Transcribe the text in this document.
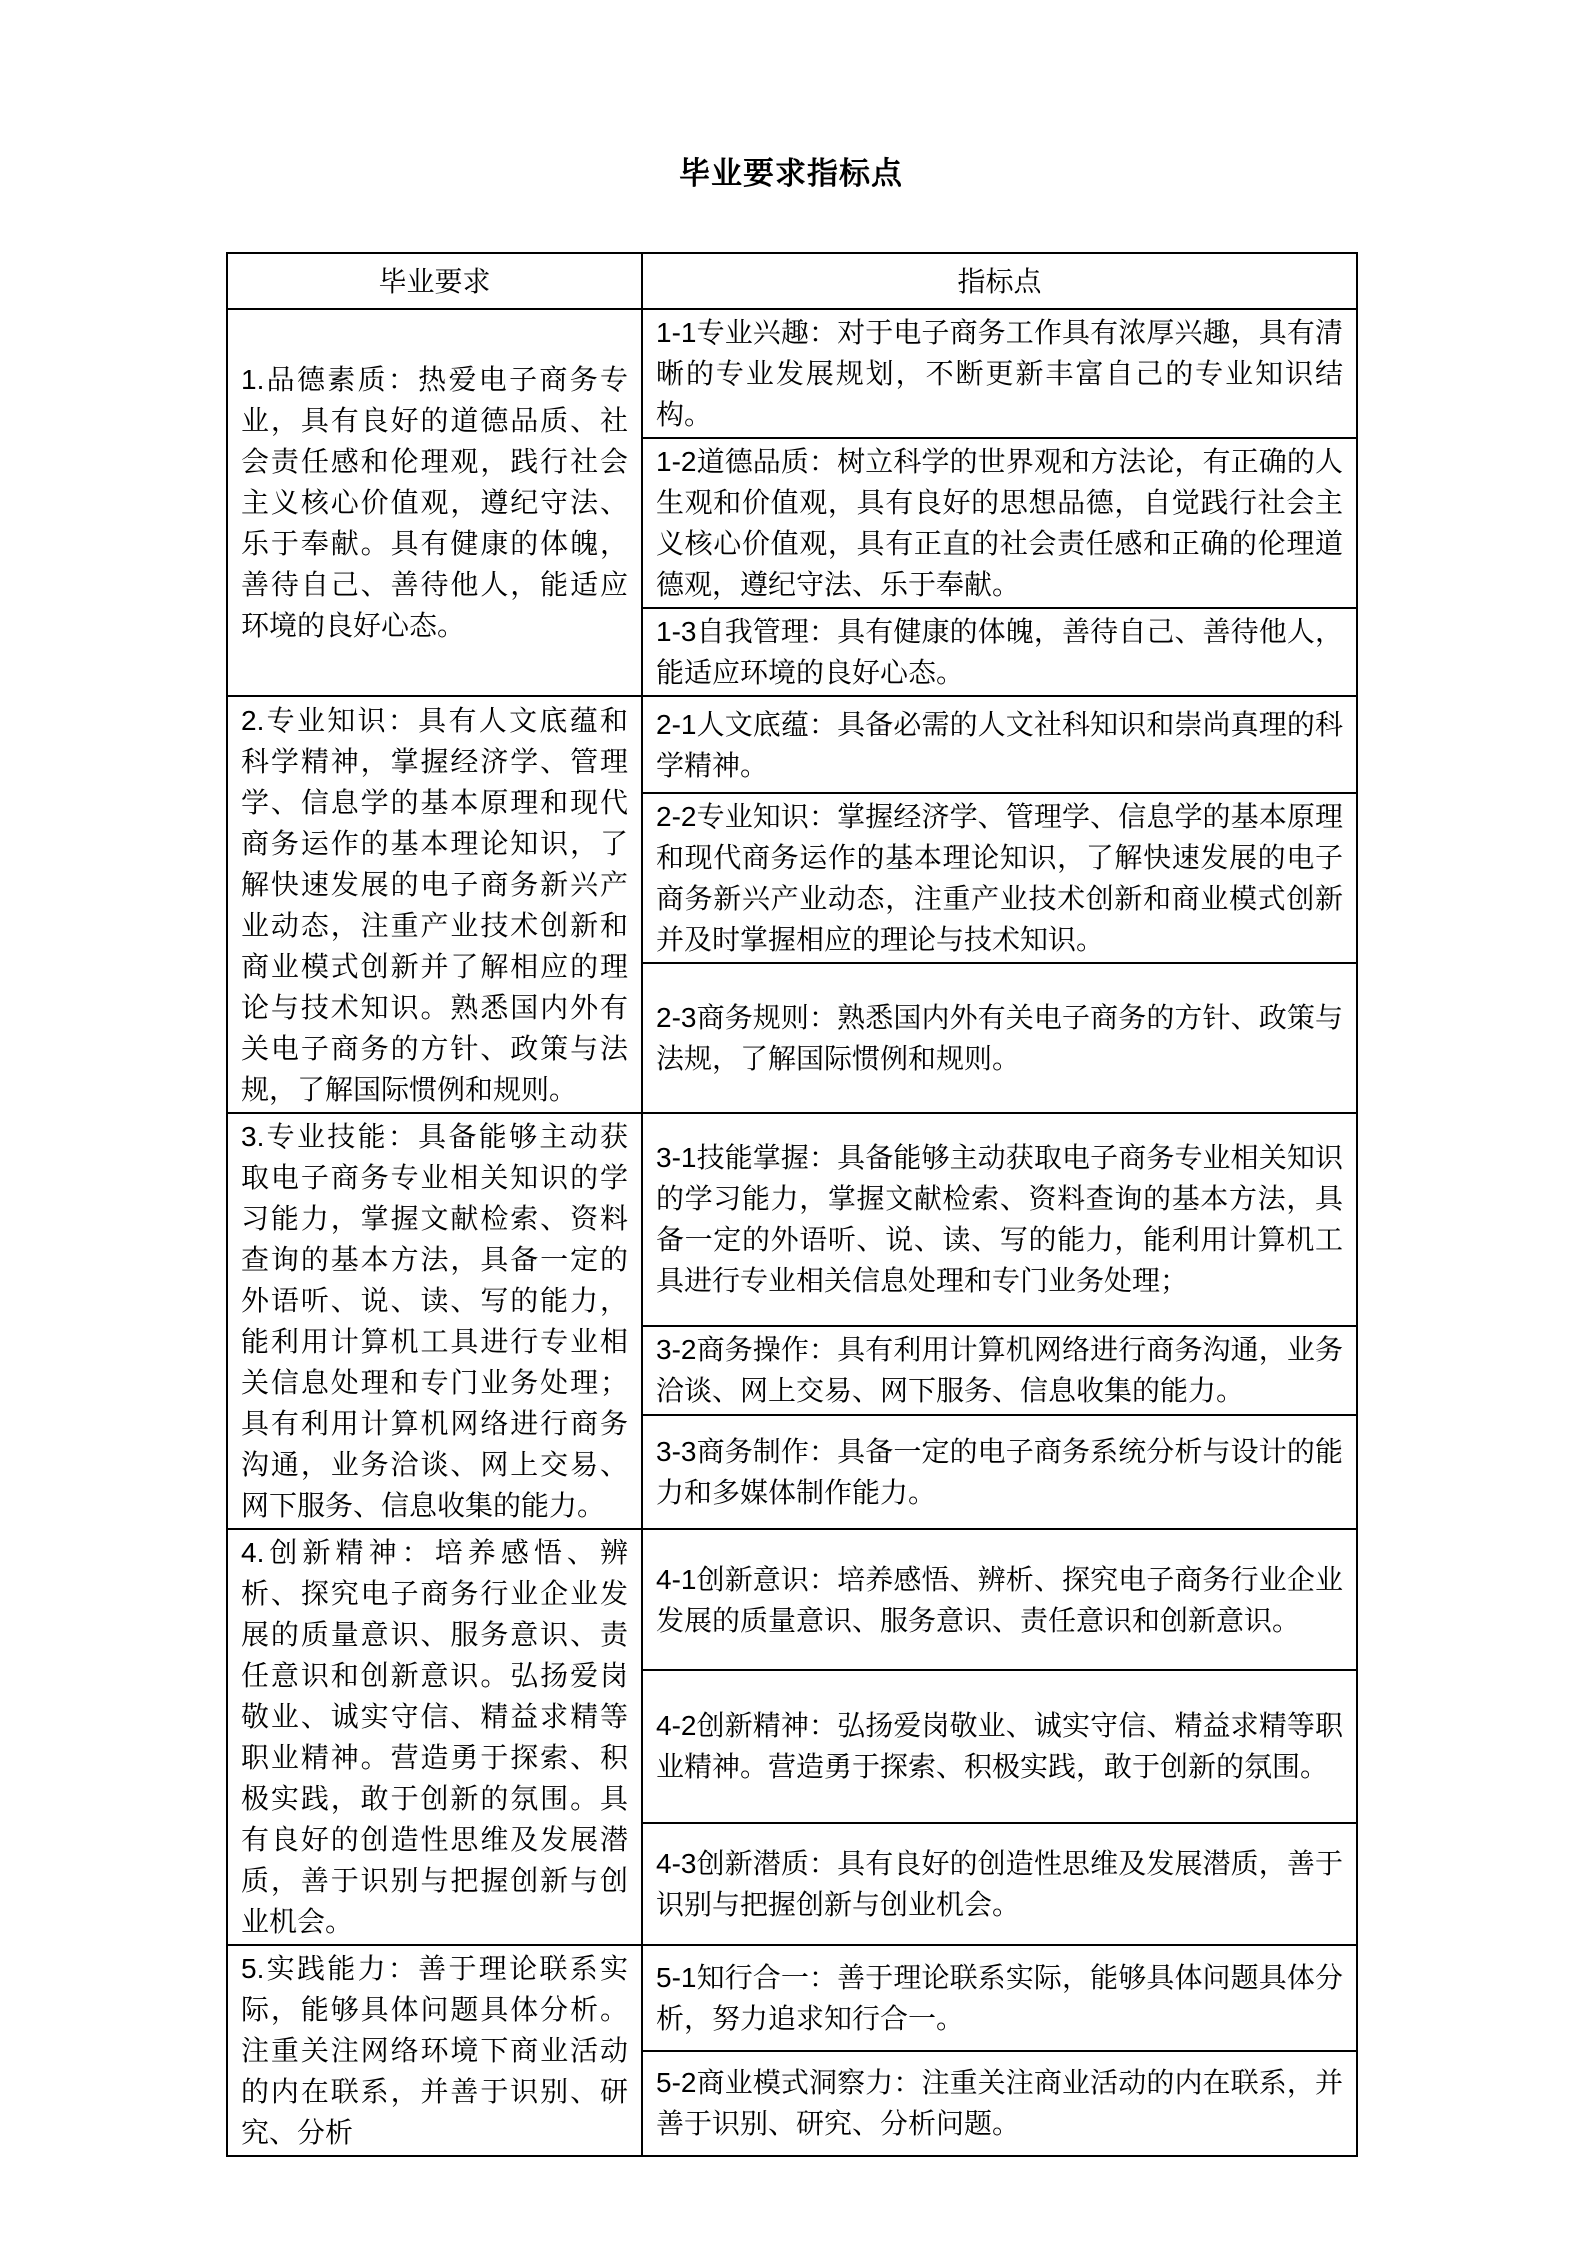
毕业要求指标点
毕业要求	指标点
1.品德素质：热爱电子商务专业，具有良好的道德品质、社会责任感和伦理观，践行社会主义核心价值观，遵纪守法、乐于奉献。具有健康的体魄，善待自己、善待他人，能适应环境的良好心态。	1-1专业兴趣：对于电子商务工作具有浓厚兴趣，具有清晰的专业发展规划，不断更新丰富自己的专业知识结构。
	1-2道德品质：树立科学的世界观和方法论，有正确的人生观和价值观，具有良好的思想品德，自觉践行社会主义核心价值观，具有正直的社会责任感和正确的伦理道德观，遵纪守法、乐于奉献。
	1-3自我管理：具有健康的体魄，善待自己、善待他人，能适应环境的良好心态。
2.专业知识：具有人文底蕴和科学精神，掌握经济学、管理学、信息学的基本原理和现代商务运作的基本理论知识，了解快速发展的电子商务新兴产业动态，注重产业技术创新和商业模式创新并了解相应的理论与技术知识。熟悉国内外有关电子商务的方针、政策与法规，了解国际惯例和规则。	2-1人文底蕴：具备必需的人文社科知识和崇尚真理的科学精神。
	2-2专业知识：掌握经济学、管理学、信息学的基本原理和现代商务运作的基本理论知识，了解快速发展的电子商务新兴产业动态，注重产业技术创新和商业模式创新并及时掌握相应的理论与技术知识。
	2-3商务规则：熟悉国内外有关电子商务的方针、政策与法规，了解国际惯例和规则。
3.专业技能：具备能够主动获取电子商务专业相关知识的学习能力，掌握文献检索、资料查询的基本方法，具备一定的外语听、说、读、写的能力，能利用计算机工具进行专业相关信息处理和专门业务处理；具有利用计算机网络进行商务沟通，业务洽谈、网上交易、网下服务、信息收集的能力。	3-1技能掌握：具备能够主动获取电子商务专业相关知识的学习能力，掌握文献检索、资料查询的基本方法，具备一定的外语听、说、读、写的能力，能利用计算机工具进行专业相关信息处理和专门业务处理；
	3-2商务操作：具有利用计算机网络进行商务沟通，业务洽谈、网上交易、网下服务、信息收集的能力。
	3-3商务制作：具备一定的电子商务系统分析与设计的能力和多媒体制作能力。
4.创新精神：培养感悟、辨析、探究电子商务行业企业发展的质量意识、服务意识、责任意识和创新意识。弘扬爱岗敬业、诚实守信、精益求精等职业精神。营造勇于探索、积极实践，敢于创新的氛围。具有良好的创造性思维及发展潜质，善于识别与把握创新与创业机会。	4-1创新意识：培养感悟、辨析、探究电子商务行业企业发展的质量意识、服务意识、责任意识和创新意识。
	4-2创新精神：弘扬爱岗敬业、诚实守信、精益求精等职业精神。营造勇于探索、积极实践，敢于创新的氛围。
	4-3创新潜质：具有良好的创造性思维及发展潜质，善于识别与把握创新与创业机会。
5.实践能力：善于理论联系实际，能够具体问题具体分析。注重关注网络环境下商业活动的内在联系，并善于识别、研究、分析	5-1知行合一：善于理论联系实际，能够具体问题具体分析，努力追求知行合一。
	5-2商业模式洞察力：注重关注商业活动的内在联系，并善于识别、研究、分析问题。
